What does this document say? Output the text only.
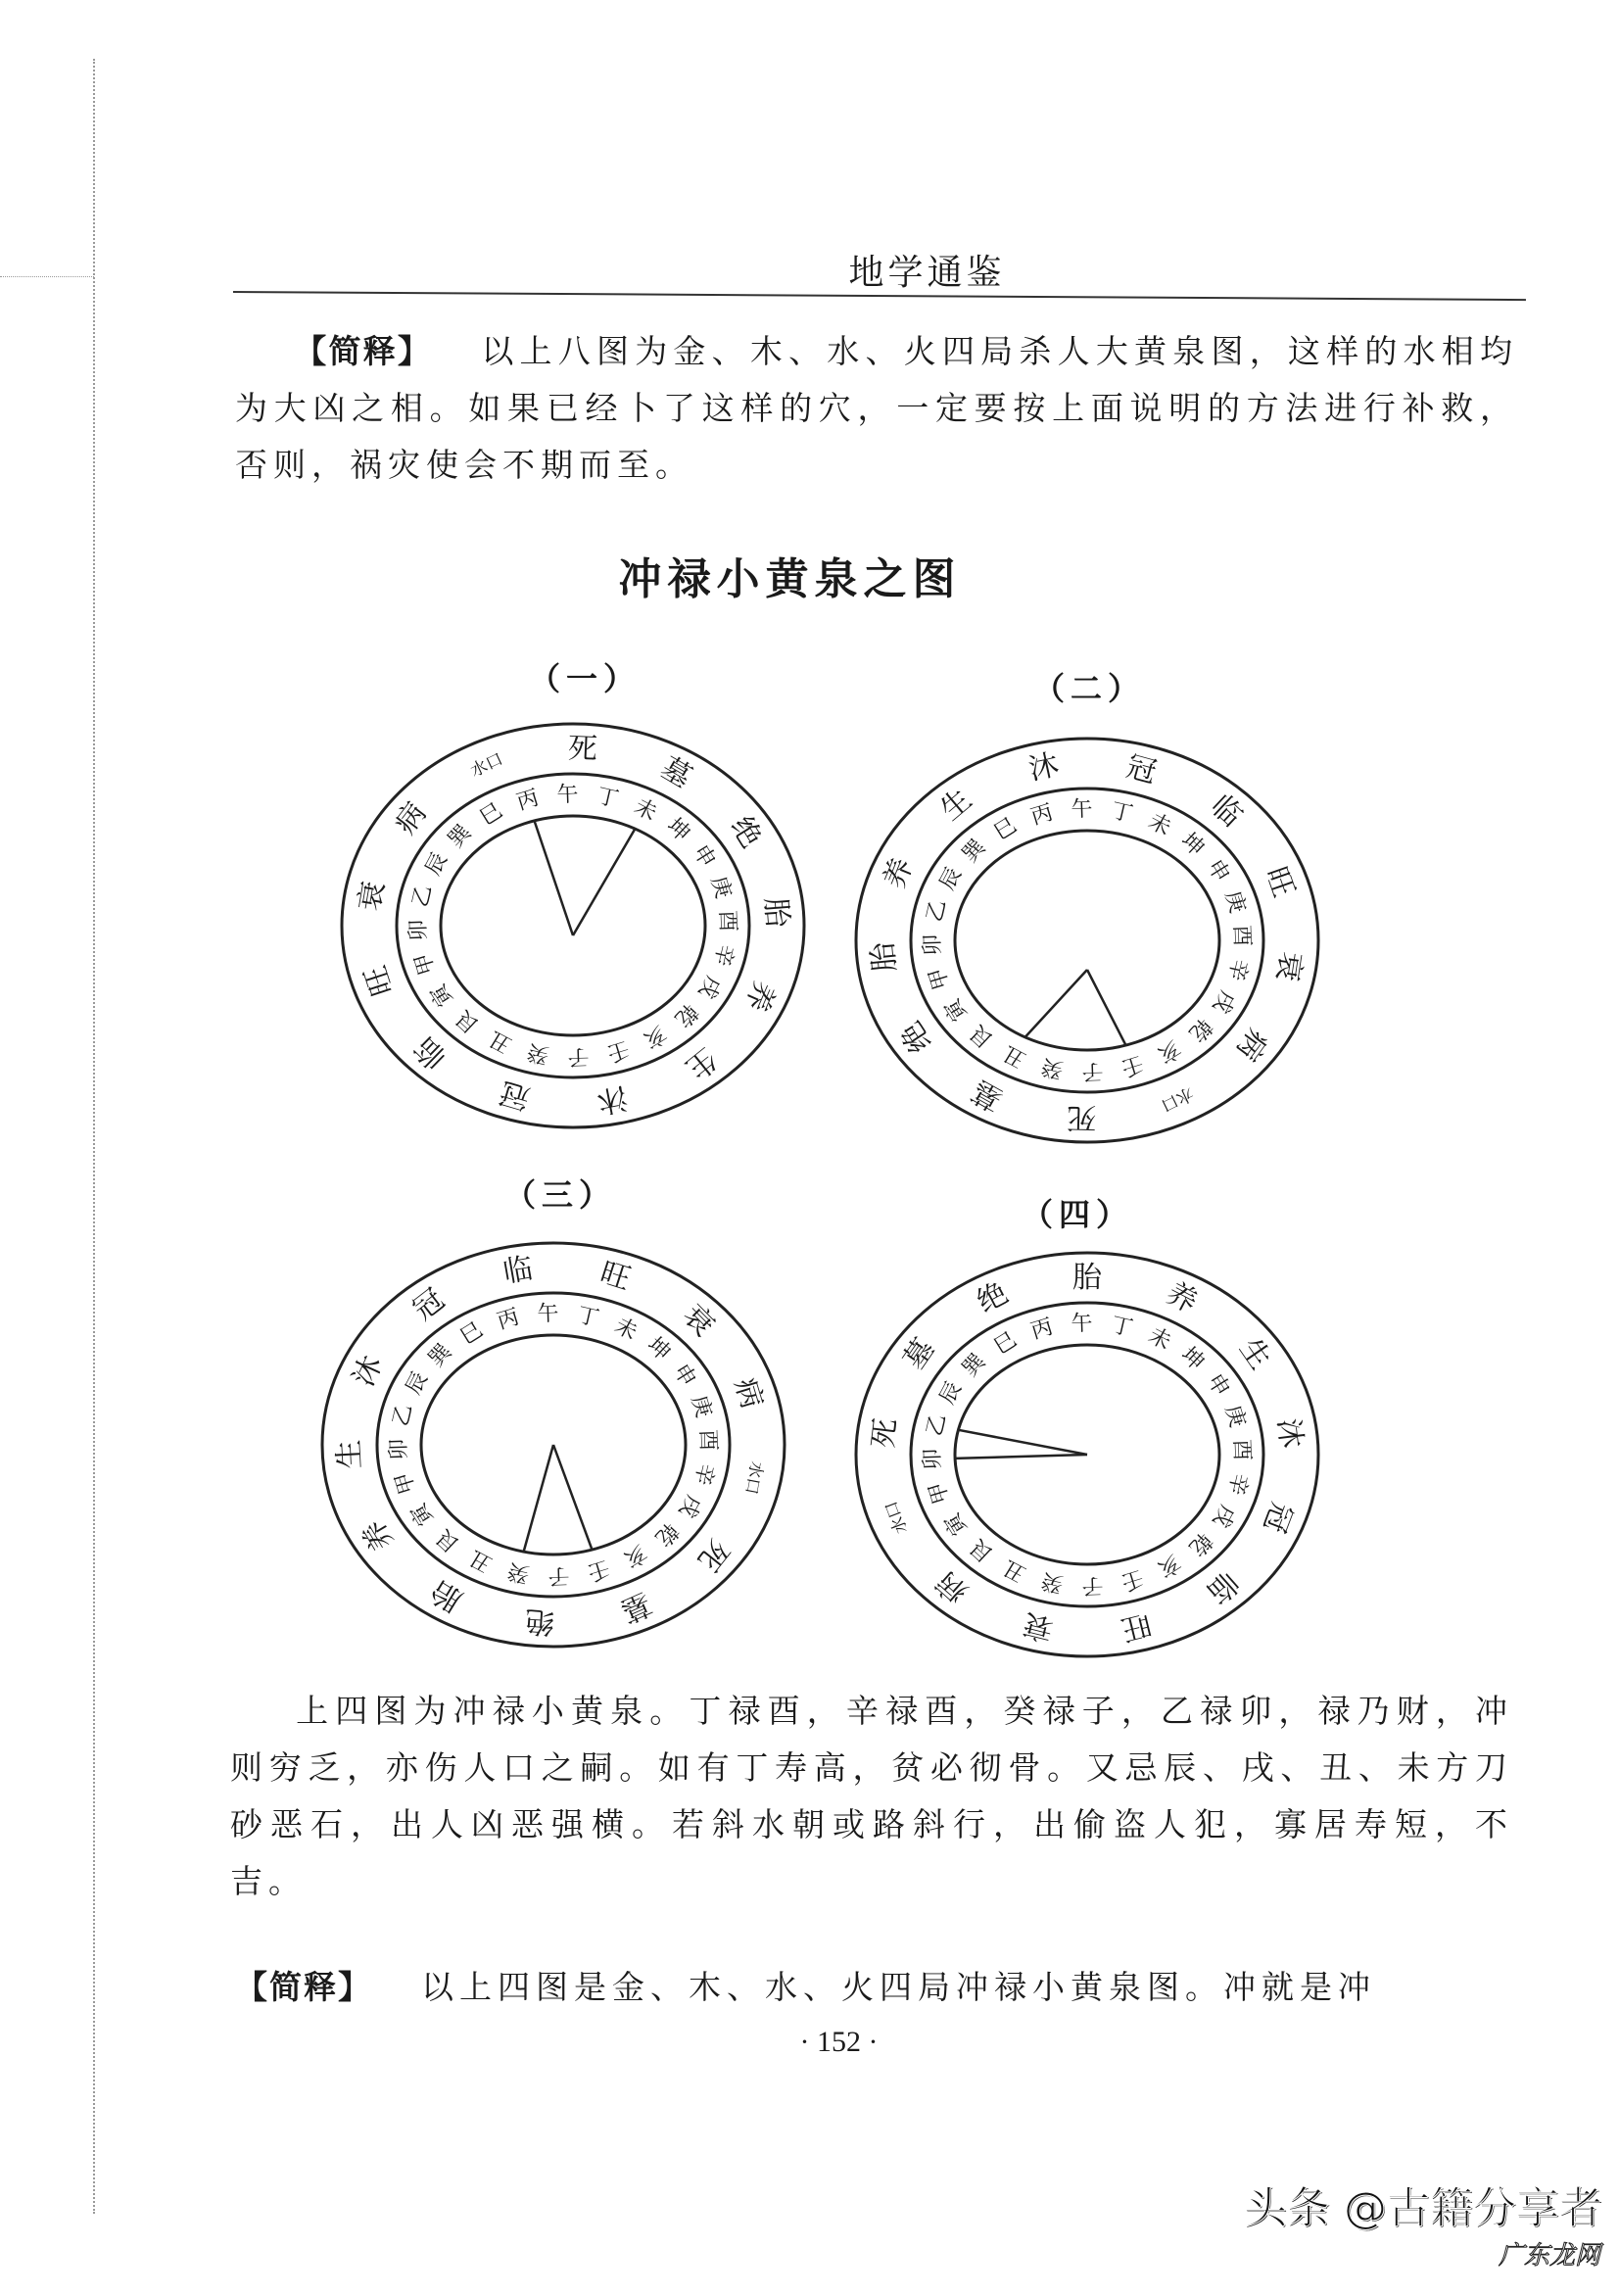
地学通鉴
【简释】 以上八图为金、木、水、火四局杀人大黄泉图，这样的水相均为大凶之相。如果已经卜了这样的穴，一定要按上面说明的方法进行补救，否则，祸灾使会不期而至。
冲禄小黄泉之图
（一）	（二）
（三）
（四）
巳 丙 午 丁 未
坤
申
庚
酉
辛
戌
乾
亥
壬
子
癸
丑
艮
寅
甲
卯
乙
辰
巽
水口 死
墓
绝
胎
养
生
沐
冠
临
旺
衰
病	巳 丙 午 丁 未
坤
申
庚
酉
辛
戌
乾
亥
壬
子
癸
丑
艮
寅
甲
卯
乙
辰
巽
生
沐 冠
临
旺
衰
病
水口
死
墓
绝
胎
养
巳 丙 午 丁 未
坤
申
庚
酉
辛
戌
乾
亥
壬
子
癸
丑
艮
寅
甲
卯
乙
辰
巽
临 旺
衰
病
水口
死
墓
绝
胎
养
生
沐
冠
巳 丙 午 丁 未
坤
申
庚
酉
辛
戌
乾
亥
壬
子
癸
丑
艮
寅
甲
卯
乙
辰
巽
胎 养
生
沐
冠
临
旺
衰
病
水口
死
墓
绝
上四图为冲禄小黄泉。丁禄酉，辛禄酉，癸禄子，乙禄卯，禄乃财，冲则穷乏，亦伤人口之嗣。如有丁寿高，贫必彻骨。又忌辰、戌、丑、未方刀砂恶石，出人凶恶强横。若斜水朝或路斜行，出偷盗人犯，寡居寿短，不吉。
【简释】 以上四图是金、木、水、火四局冲禄小黄泉图。冲就是冲
· 152 ·
头条 @古籍分享者
广东龙网
